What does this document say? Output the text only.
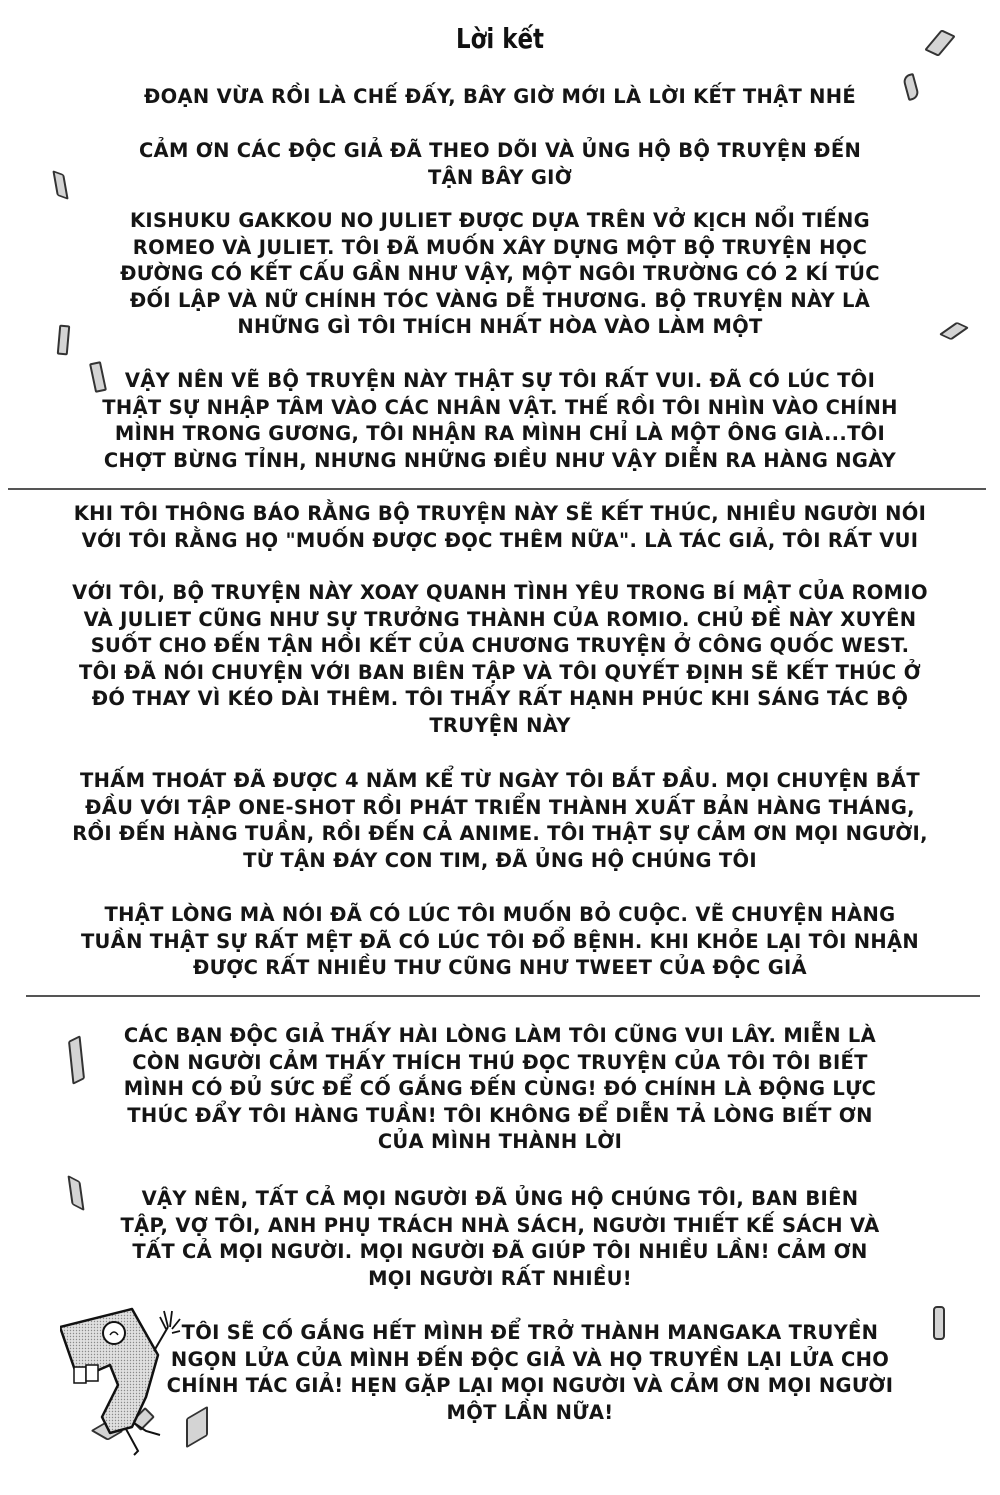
Lời kết
ĐOẠN VỪA RỒI LÀ CHẾ ĐẤY, BÂY GIỜ MỚI LÀ LỜI KẾT THẬT NHÉ
CẢM ƠN CÁC ĐỘC GIẢ ĐÃ THEO DÕI VÀ ỦNG HỘ BỘ TRUYỆN ĐẾN
TẬN BÂY GIỜ
KISHUKU GAKKOU NO JULIET ĐƯỢC DỰA TRÊN VỞ KỊCH NỔI TIẾNG
ROMEO VÀ JULIET. TÔI ĐÃ MUỐN XÂY DỰNG MỘT BỘ TRUYỆN HỌC
ĐƯỜNG CÓ KẾT CẤU GẦN NHƯ VẬY, MỘT NGÔI TRƯỜNG CÓ 2 KÍ TÚC
ĐỐI LẬP VÀ NỮ CHÍNH TÓC VÀNG DỄ THƯƠNG. BỘ TRUYỆN NÀY LÀ
NHỮNG GÌ TÔI THÍCH NHẤT HÒA VÀO LÀM MỘT
VẬY NÊN VẼ BỘ TRUYỆN NÀY THẬT SỰ TÔI RẤT VUI. ĐÃ CÓ LÚC TÔI
THẬT SỰ NHẬP TÂM VÀO CÁC NHÂN VẬT. THẾ RỒI TÔI NHÌN VÀO CHÍNH
MÌNH TRONG GƯƠNG, TÔI NHẬN RA MÌNH CHỈ LÀ MỘT ÔNG GIÀ...TÔI
CHỢT BỪNG TỈNH, NHƯNG NHỮNG ĐIỀU NHƯ VẬY DIỄN RA HÀNG NGÀY
KHI TÔI THÔNG BÁO RẰNG BỘ TRUYỆN NÀY SẼ KẾT THÚC, NHIỀU NGƯỜI NÓI
VỚI TÔI RẰNG HỌ "MUỐN ĐƯỢC ĐỌC THÊM NỮA". LÀ TÁC GIẢ, TÔI RẤT VUI
VỚI TÔI, BỘ TRUYỆN NÀY XOAY QUANH TÌNH YÊU TRONG BÍ MẬT CỦA ROMIO
VÀ JULIET CŨNG NHƯ SỰ TRƯỞNG THÀNH CỦA ROMIO. CHỦ ĐỀ NÀY XUYÊN
SUỐT CHO ĐẾN TẬN HỒI KẾT CỦA CHƯƠNG TRUYỆN Ở CÔNG QUỐC WEST.
TÔI ĐÃ NÓI CHUYỆN VỚI BAN BIÊN TẬP VÀ TÔI QUYẾT ĐỊNH SẼ KẾT THÚC Ở
ĐÓ THAY VÌ KÉO DÀI THÊM. TÔI THẤY RẤT HẠNH PHÚC KHI SÁNG TÁC BỘ
TRUYỆN NÀY
THẤM THOÁT ĐÃ ĐƯỢC 4 NĂM KỂ TỪ NGÀY TÔI BẮT ĐẦU. MỌI CHUYỆN BẮT
ĐẦU VỚI TẬP ONE-SHOT RỒI PHÁT TRIỂN THÀNH XUẤT BẢN HÀNG THÁNG,
RỒI ĐẾN HÀNG TUẦN, RỒI ĐẾN CẢ ANIME. TÔI THẬT SỰ CẢM ƠN MỌI NGƯỜI,
TỪ TẬN ĐÁY CON TIM, ĐÃ ỦNG HỘ CHÚNG TÔI
THẬT LÒNG MÀ NÓI ĐÃ CÓ LÚC TÔI MUỐN BỎ CUỘC. VẼ CHUYỆN HÀNG
TUẦN THẬT SỰ RẤT MỆT ĐÃ CÓ LÚC TÔI ĐỔ BỆNH. KHI KHỎE LẠI TÔI NHẬN
ĐƯỢC RẤT NHIỀU THƯ CŨNG NHƯ TWEET CỦA ĐỘC GIẢ
CÁC BẠN ĐỘC GIẢ THẤY HÀI LÒNG LÀM TÔI CŨNG VUI LÂY. MIỄN LÀ
CÒN NGƯỜI CẢM THẤY THÍCH THÚ ĐỌC TRUYỆN CỦA TÔI TÔI BIẾT
MÌNH CÓ ĐỦ SỨC ĐỂ CỐ GẮNG ĐẾN CÙNG! ĐÓ CHÍNH LÀ ĐỘNG LỰC
THÚC ĐẨY TÔI HÀNG TUẦN! TÔI KHÔNG ĐỂ DIỄN TẢ LÒNG BIẾT ƠN
CỦA MÌNH THÀNH LỜI
VẬY NÊN, TẤT CẢ MỌI NGƯỜI ĐÃ ỦNG HỘ CHÚNG TÔI, BAN BIÊN
TẬP, VỢ TÔI, ANH PHỤ TRÁCH NHÀ SÁCH, NGƯỜI THIẾT KẾ SÁCH VÀ
TẤT CẢ MỌI NGƯỜI. MỌI NGƯỜI ĐÃ GIÚP TÔI NHIỀU LẦN! CẢM ƠN
MỌI NGƯỜI RẤT NHIỀU!
TÔI SẼ CỐ GẮNG HẾT MÌNH ĐỂ TRỞ THÀNH MANGAKA TRUYỀN
NGỌN LỬA CỦA MÌNH ĐẾN ĐỘC GIẢ VÀ HỌ TRUYỀN LẠI LỬA CHO
CHÍNH TÁC GIẢ! HẸN GẶP LẠI MỌI NGƯỜI VÀ CẢM ƠN MỌI NGƯỜI
MỘT LẦN NỮA!
